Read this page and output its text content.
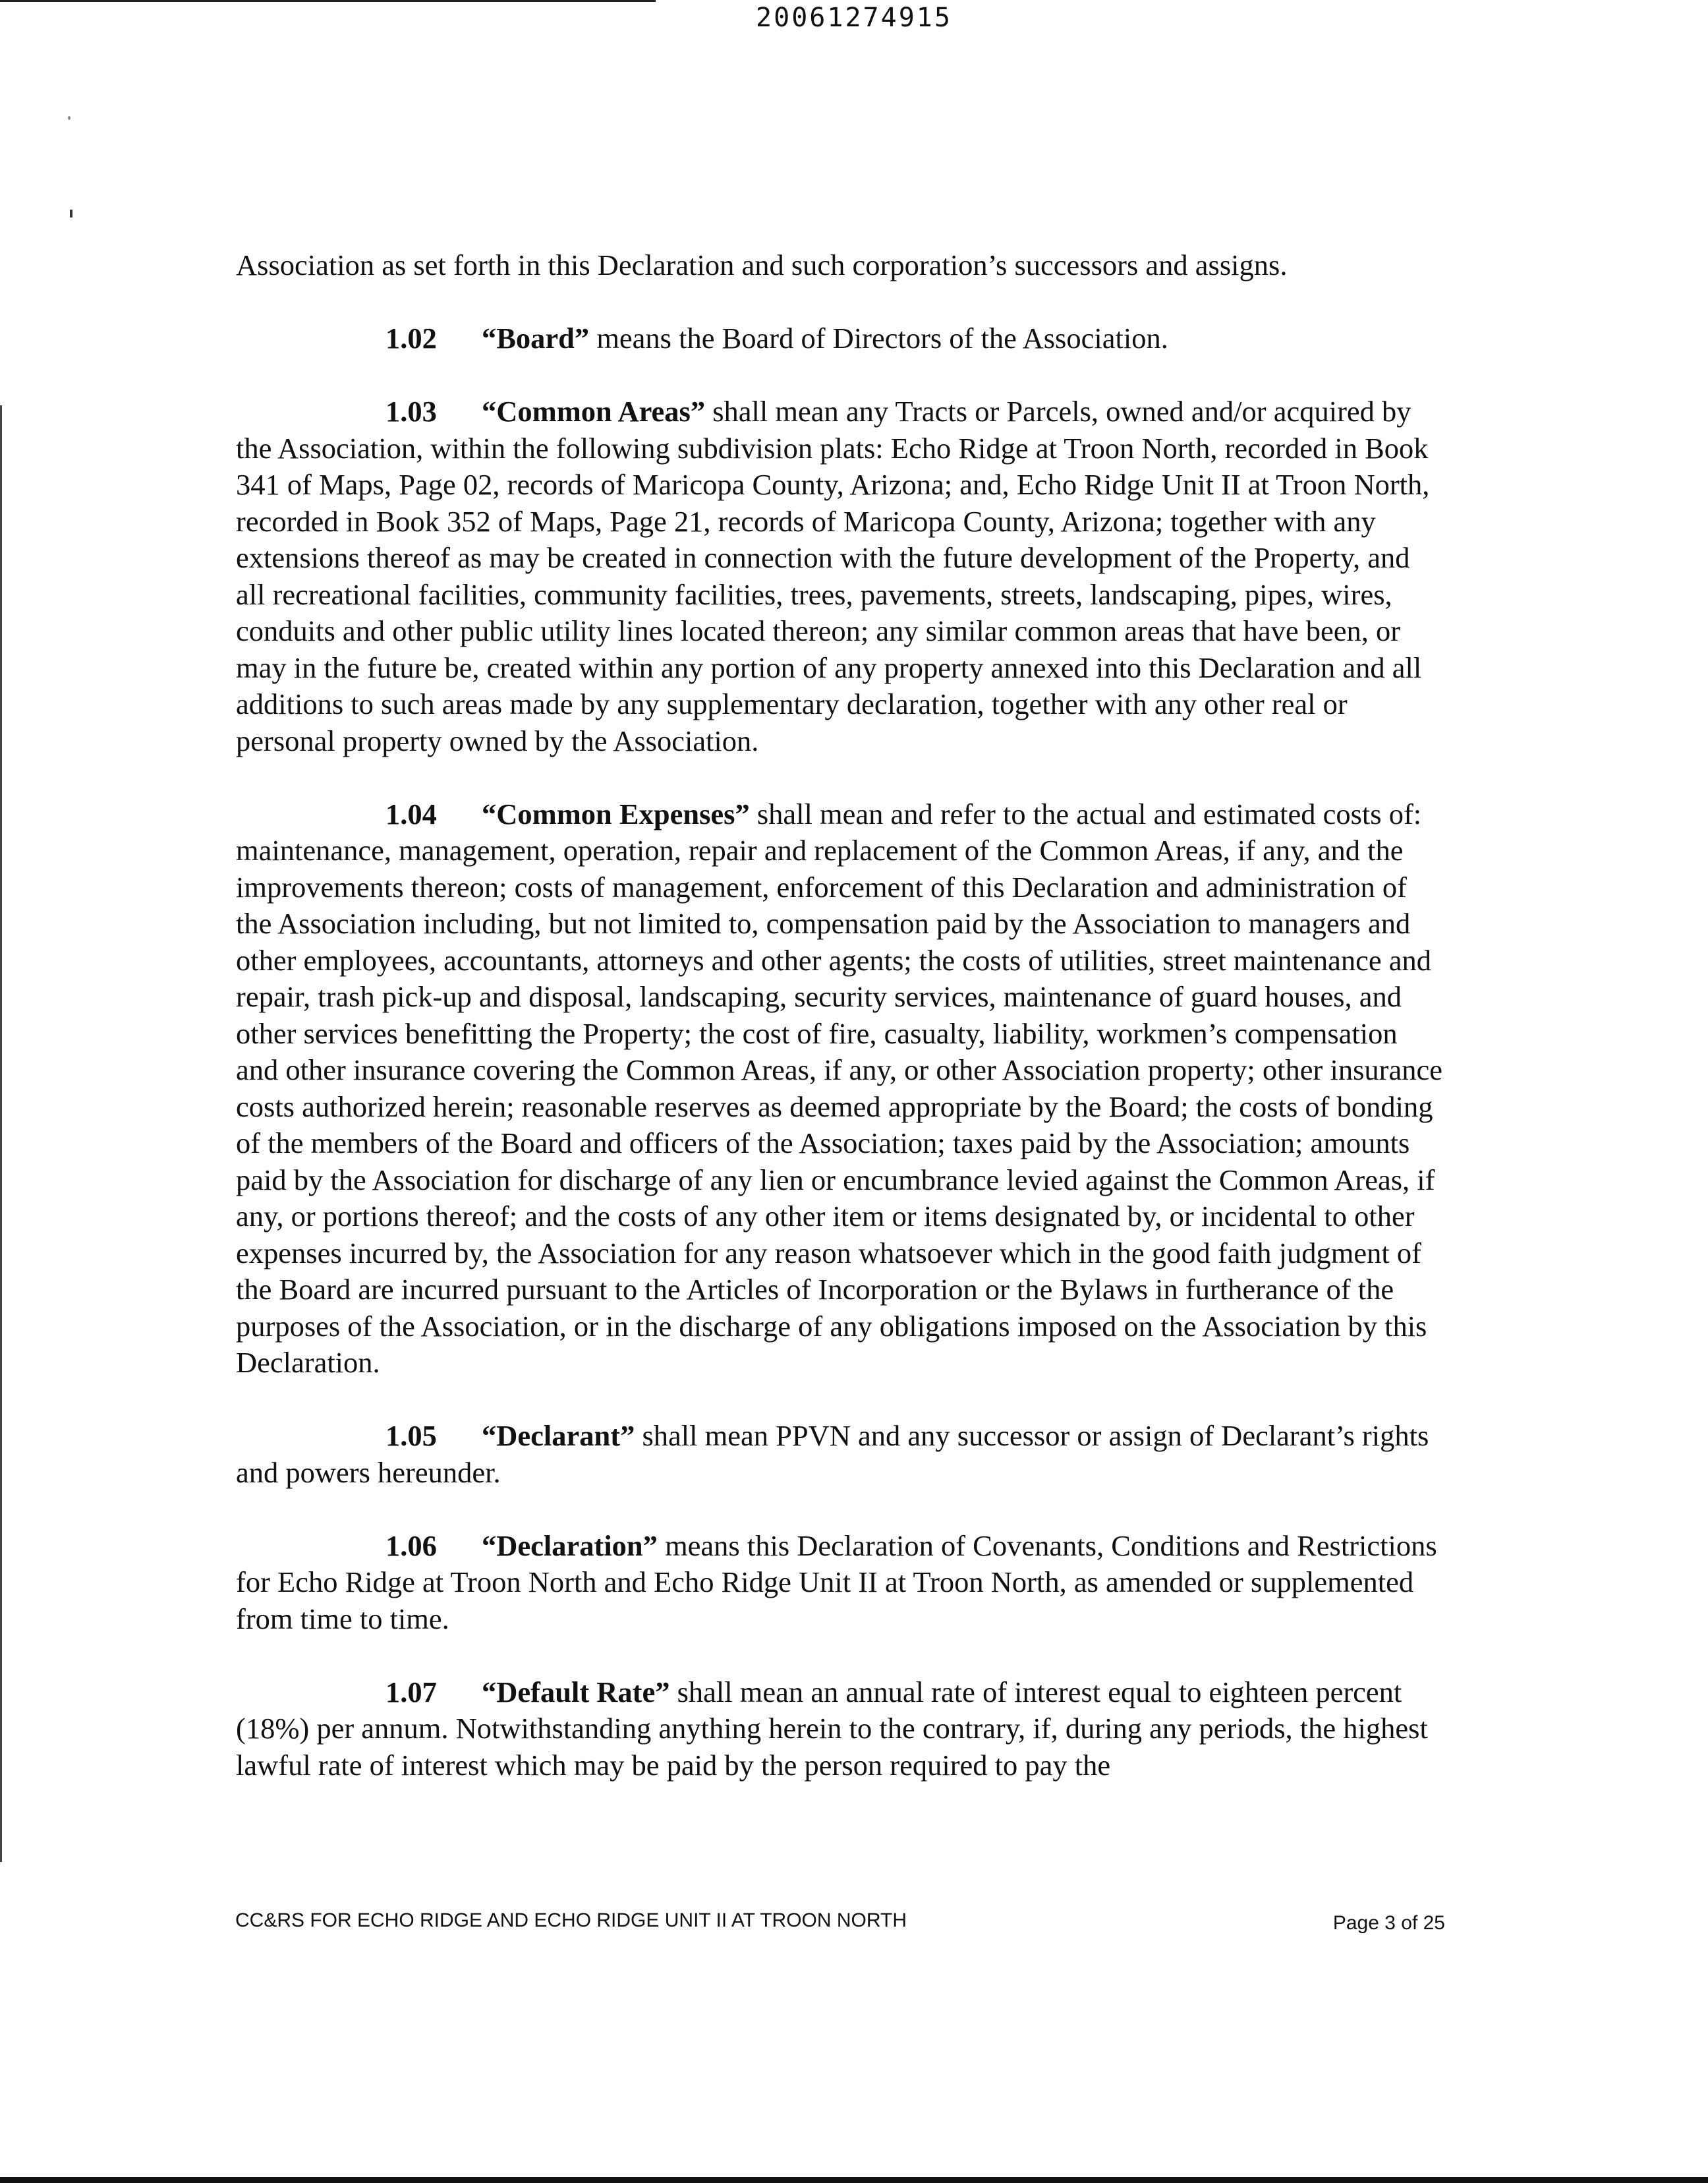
20061274915

Association as set forth in this Declaration and such corporation’s successors and assigns.

1.02 “Board” means the Board of Directors of the Association.

1.03 “Common Areas” shall mean any Tracts or Parcels, owned and/or acquired by the Association, within the following subdivision plats: Echo Ridge at Troon North, recorded in Book 341 of Maps, Page 02, records of Maricopa County, Arizona; and, Echo Ridge Unit II at Troon North, recorded in Book 352 of Maps, Page 21, records of Maricopa County, Arizona; together with any extensions thereof as may be created in connection with the future development of the Property, and all recreational facilities, community facilities, trees, pavements, streets, landscaping, pipes, wires, conduits and other public utility lines located thereon; any similar common areas that have been, or may in the future be, created within any portion of any property annexed into this Declaration and all additions to such areas made by any supplementary declaration, together with any other real or personal property owned by the Association.

1.04 “Common Expenses” shall mean and refer to the actual and estimated costs of: maintenance, management, operation, repair and replacement of the Common Areas, if any, and the improvements thereon; costs of management, enforcement of this Declaration and administration of the Association including, but not limited to, compensation paid by the Association to managers and other employees, accountants, attorneys and other agents; the costs of utilities, street maintenance and repair, trash pick-up and disposal, landscaping, security services, maintenance of guard houses, and other services benefitting the Property; the cost of fire, casualty, liability, workmen’s compensation and other insurance covering the Common Areas, if any, or other Association property; other insurance costs authorized herein; reasonable reserves as deemed appropriate by the Board; the costs of bonding of the members of the Board and officers of the Association; taxes paid by the Association; amounts paid by the Association for discharge of any lien or encumbrance levied against the Common Areas, if any, or portions thereof; and the costs of any other item or items designated by, or incidental to other expenses incurred by, the Association for any reason whatsoever which in the good faith judgment of the Board are incurred pursuant to the Articles of Incorporation or the Bylaws in furtherance of the purposes of the Association, or in the discharge of any obligations imposed on the Association by this Declaration.

1.05 “Declarant” shall mean PPVN and any successor or assign of Declarant’s rights and powers hereunder.

1.06 “Declaration” means this Declaration of Covenants, Conditions and Restrictions for Echo Ridge at Troon North and Echo Ridge Unit II at Troon North, as amended or supplemented from time to time.

1.07 “Default Rate” shall mean an annual rate of interest equal to eighteen percent (18%) per annum. Notwithstanding anything herein to the contrary, if, during any periods, the highest lawful rate of interest which may be paid by the person required to pay the

CC&RS FOR ECHO RIDGE AND ECHO RIDGE UNIT II AT TROON NORTH	Page 3 of 25
